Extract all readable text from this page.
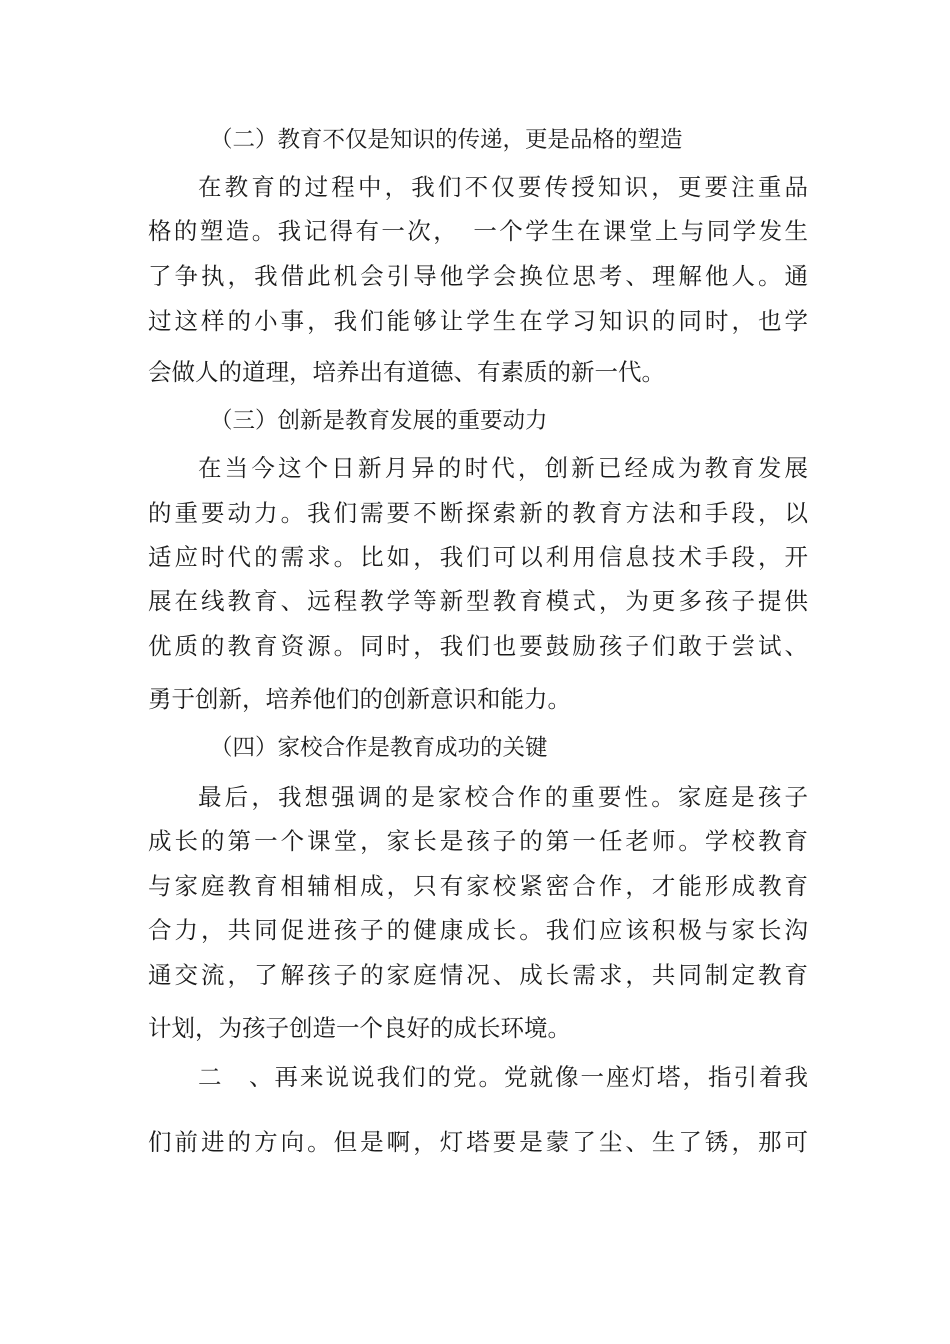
（二）教育不仅是知识的传递，更是品格的塑造
在教育的过程中，我们不仅要传授知识，更要注重品
格的塑造。我记得有一次，　一个学生在课堂上与同学发生
了争执，我借此机会引导他学会换位思考、理解他人。通
过这样的小事，我们能够让学生在学习知识的同时，也学
会做人的道理，培养出有道德、有素质的新一代。
（三）创新是教育发展的重要动力
在当今这个日新月异的时代，创新已经成为教育发展
的重要动力。我们需要不断探索新的教育方法和手段，以
适应时代的需求。比如，我们可以利用信息技术手段，开
展在线教育、远程教学等新型教育模式，为更多孩子提供
优质的教育资源。同时，我们也要鼓励孩子们敢于尝试、
勇于创新，培养他们的创新意识和能力。
（四）家校合作是教育成功的关键
最后，我想强调的是家校合作的重要性。家庭是孩子
成长的第一个课堂，家长是孩子的第一任老师。学校教育
与家庭教育相辅相成，只有家校紧密合作，才能形成教育
合力，共同促进孩子的健康成长。我们应该积极与家长沟
通交流，了解孩子的家庭情况、成长需求，共同制定教育
计划，为孩子创造一个良好的成长环境。
二　、再来说说我们的党。党就像一座灯塔，指引着我
们前进的方向。但是啊，灯塔要是蒙了尘、生了锈，那可
